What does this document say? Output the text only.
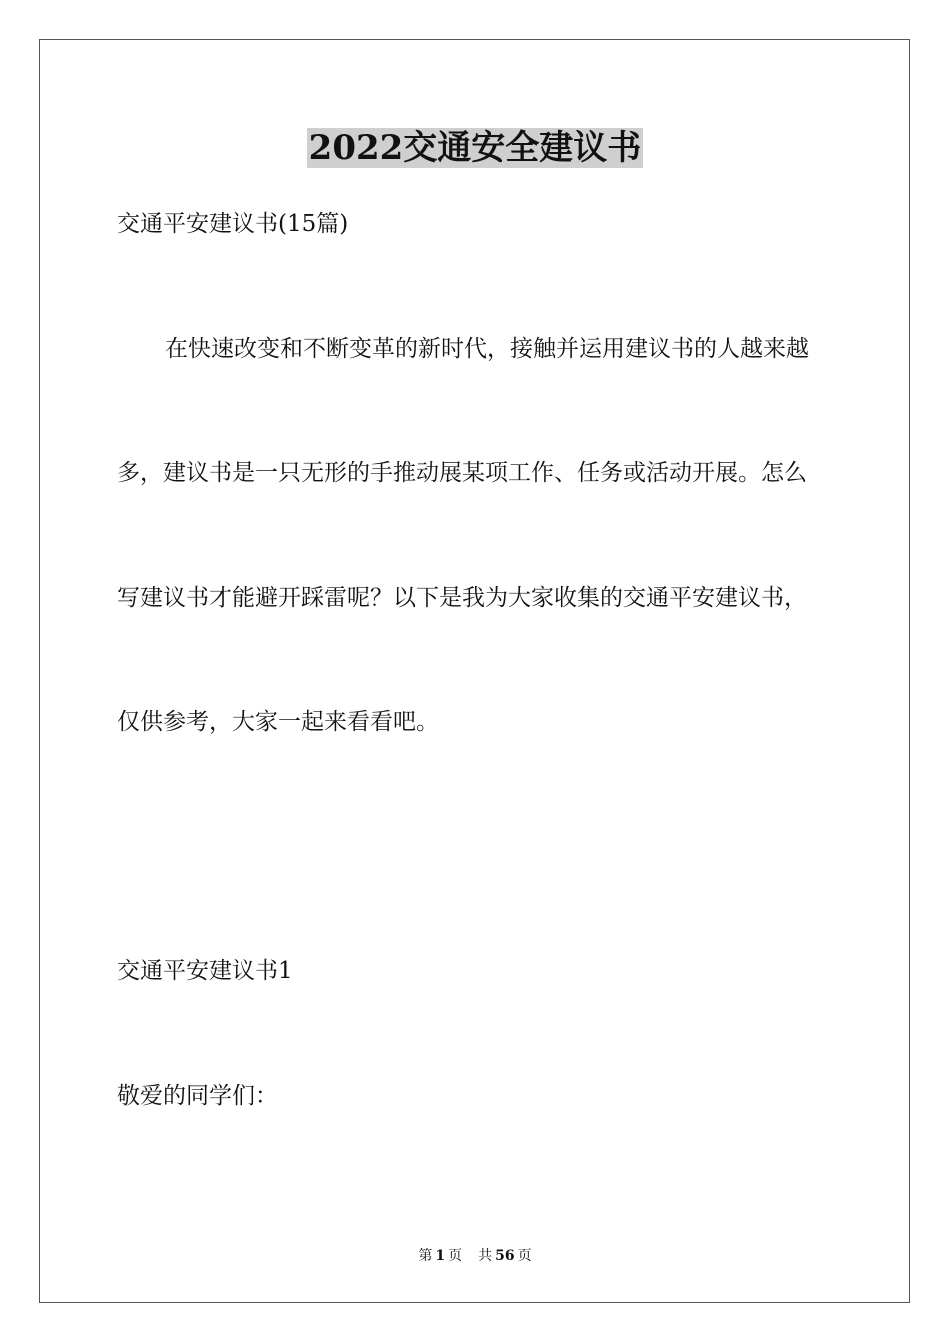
2022交通安全建议书

交通平安建议书(15篇)

在快速改变和不断变革的新时代，接触并运用建议书的人越来越

多，建议书是一只无形的手推动展某项工作、任务或活动开展。怎么

写建议书才能避开踩雷呢？以下是我为大家收集的交通平安建议书，

仅供参考，大家一起来看看吧。

交通平安建议书1

敬爱的同学们：

第 1 页 共 56 页
